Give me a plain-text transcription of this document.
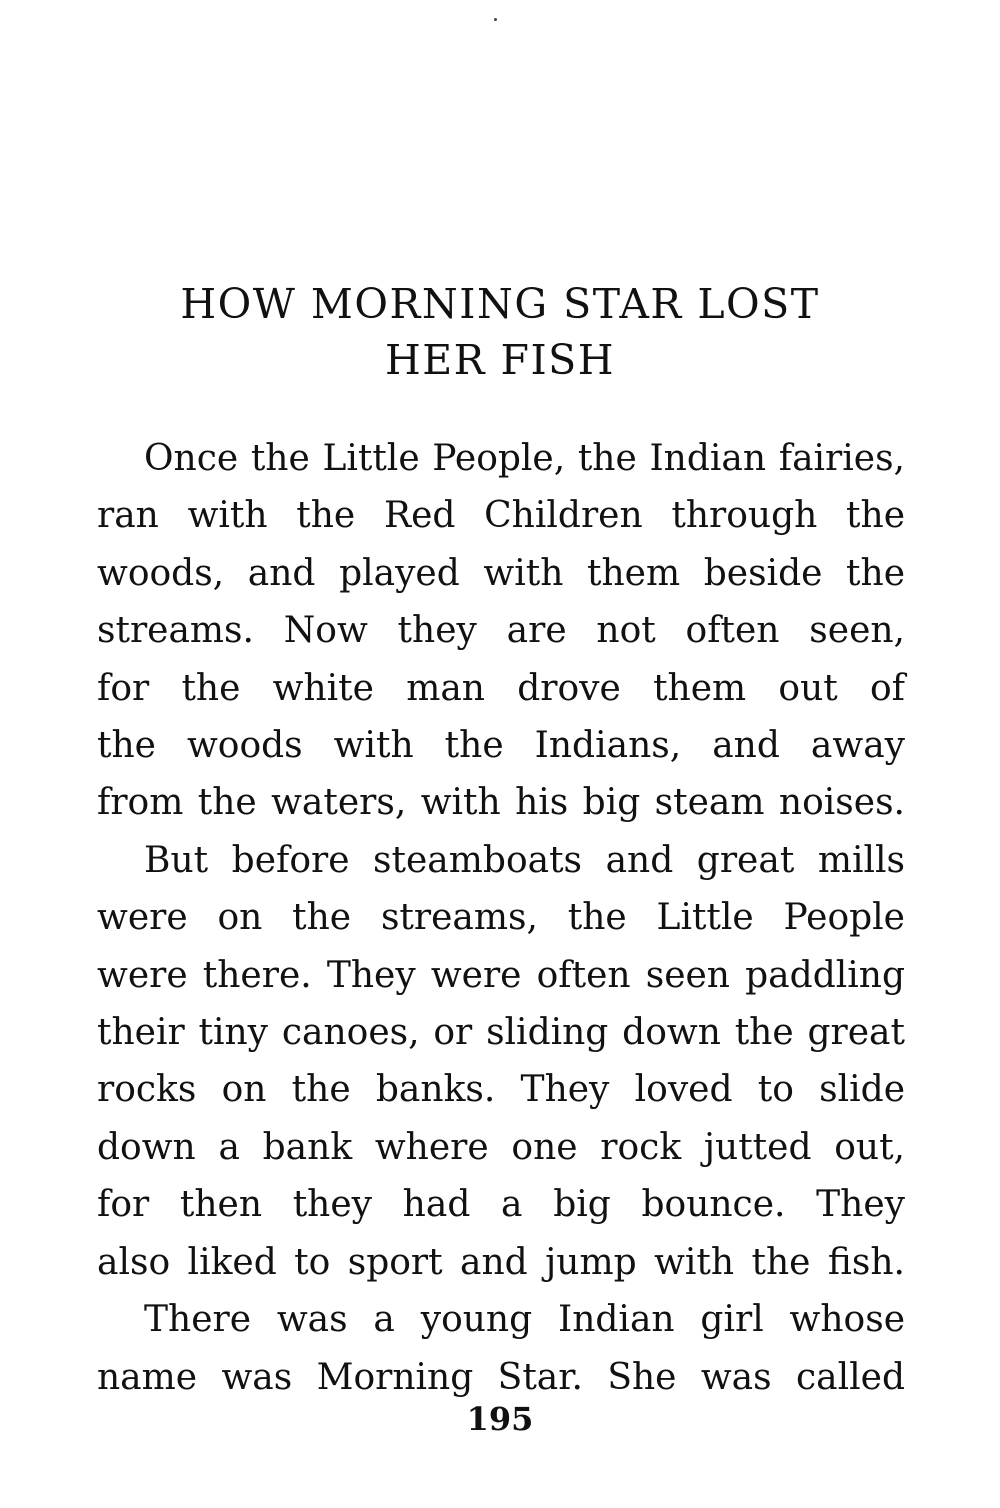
HOW MORNING STAR LOST
HER FISH

Once the Little People, the Indian fairies,
ran with the Red Children through the
woods, and played with them beside the
streams. Now they are not often seen,
for the white man drove them out of
the woods with the Indians, and away
from the waters, with his big steam noises.

But before steamboats and great mills
were on the streams, the Little People
were there. They were often seen paddling
their tiny canoes, or sliding down the great
rocks on the banks. They loved to slide
down a bank where one rock jutted out,
for then they had a big bounce. They
also liked to sport and jump with the fish.

There was a young Indian girl whose
name was Morning Star. She was called

195
